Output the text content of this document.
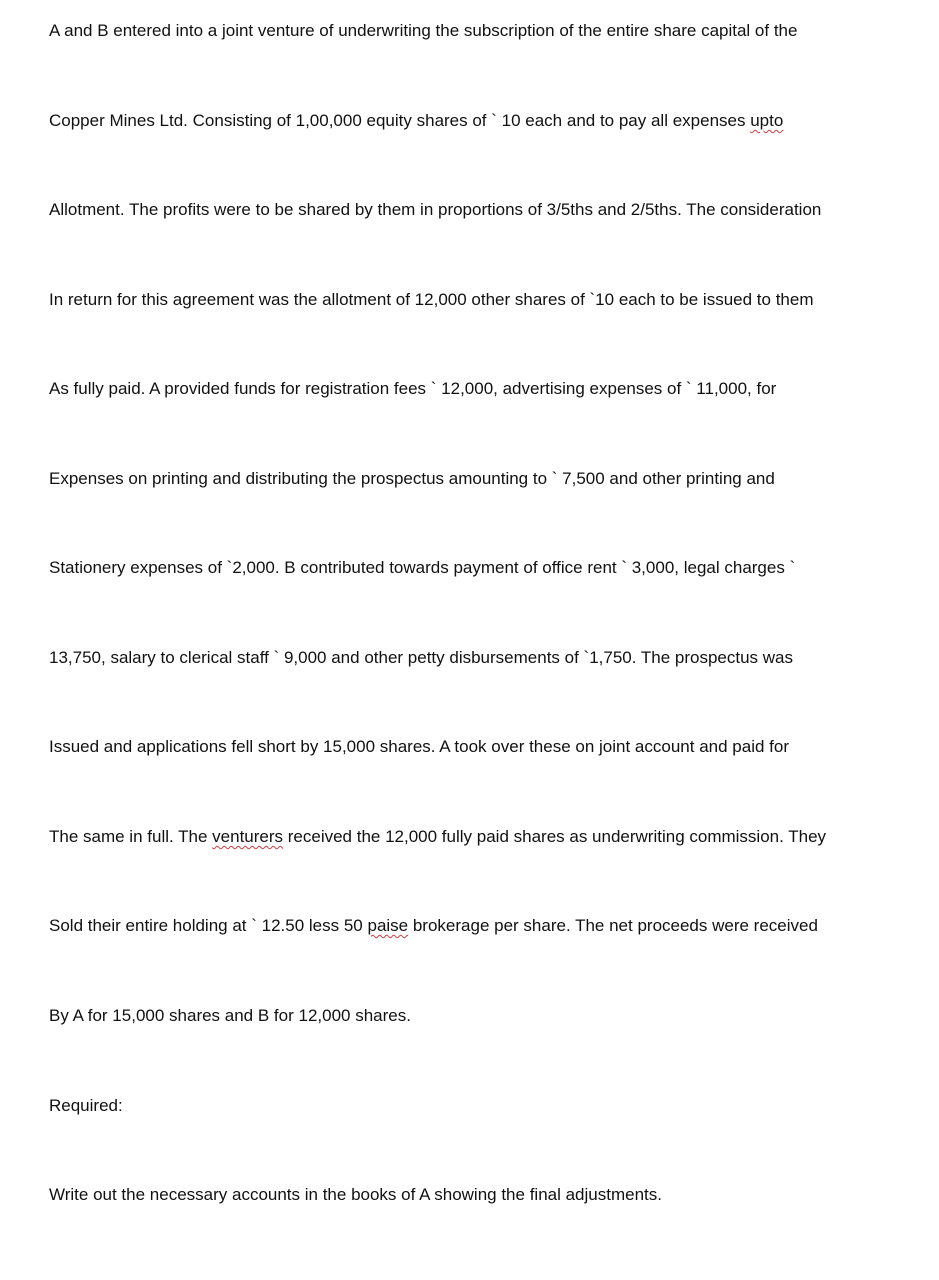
A and B entered into a joint venture of underwriting the subscription of the entire share capital of the
Copper Mines Ltd. Consisting of 1,00,000 equity shares of ` 10 each and to pay all expenses upto
Allotment. The profits were to be shared by them in proportions of 3/5ths and 2/5ths. The consideration
In return for this agreement was the allotment of 12,000 other shares of `10 each to be issued to them
As fully paid. A provided funds for registration fees ` 12,000, advertising expenses of ` 11,000, for
Expenses on printing and distributing the prospectus amounting to ` 7,500 and other printing and
Stationery expenses of `2,000. B contributed towards payment of office rent ` 3,000, legal charges `
13,750, salary to clerical staff ` 9,000 and other petty disbursements of `1,750. The prospectus was
Issued and applications fell short by 15,000 shares. A took over these on joint account and paid for
The same in full. The venturers received the 12,000 fully paid shares as underwriting commission. They
Sold their entire holding at ` 12.50 less 50 paise brokerage per share. The net proceeds were received
By A for 15,000 shares and B for 12,000 shares.
Required:
Write out the necessary accounts in the books of A showing the final adjustments.
